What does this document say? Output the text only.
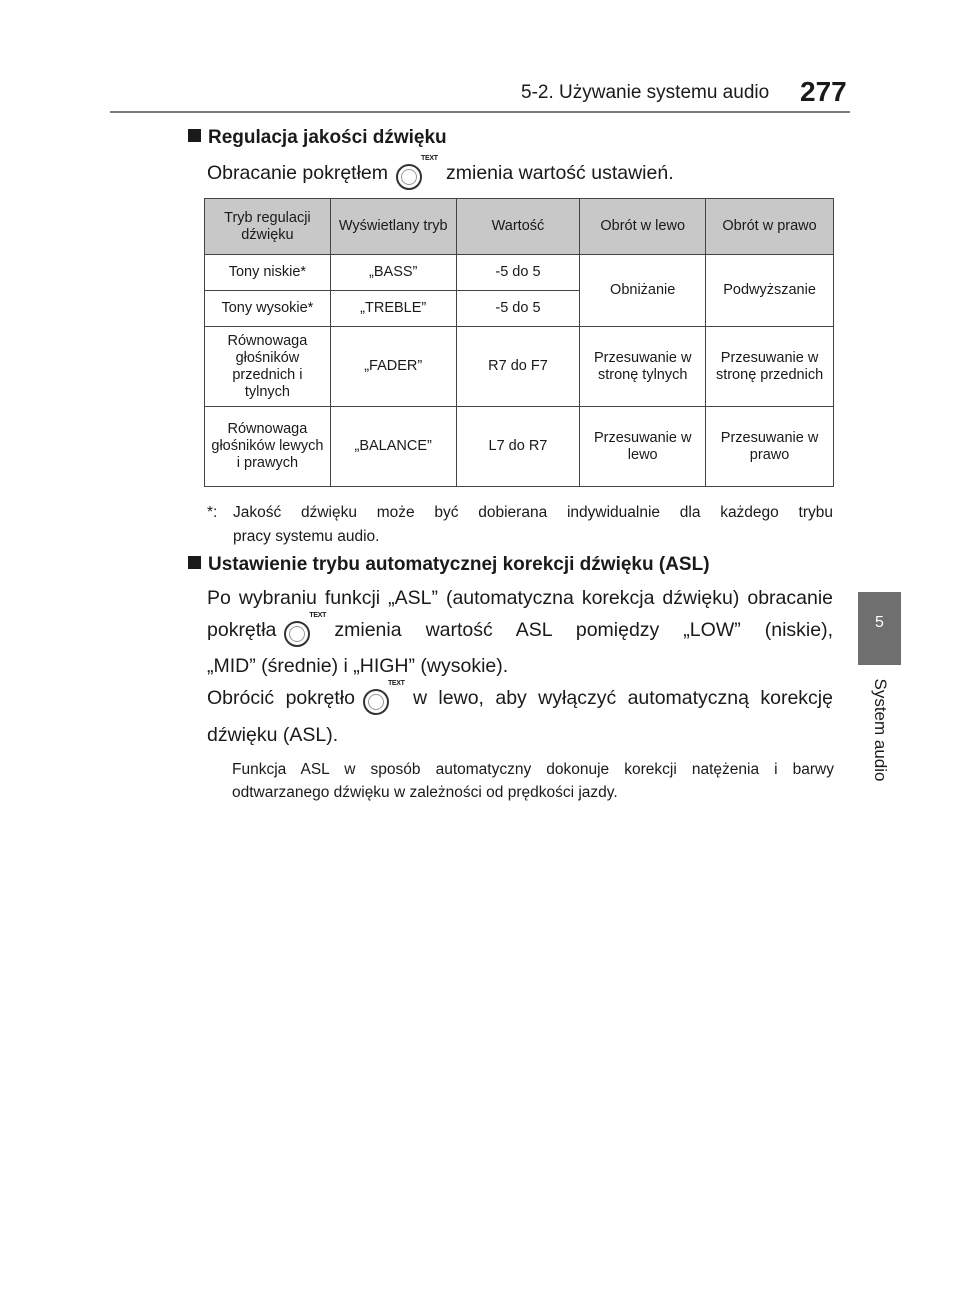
5-2. Używanie systemu audio 277
5
System audio
Regulacja jakości dźwięku
Obracanie pokrętłem
TEXT
zmienia wartość ustawień.
Tryb regulacji dźwięku	Wyświetlany tryb	Wartość	Obrót w lewo	Obrót w prawo
Tony niskie*	„BASS”	-5 do 5	Obniżanie	Podwyższanie
Tony wysokie*	„TREBLE”	-5 do 5		
Równowaga głośników przednich i tylnych	„FADER”	R7 do F7	Przesuwanie w stronę tylnych	Przesuwanie w stronę przednich
Równowaga głośników lewych i prawych	„BALANCE”	L7 do R7	Przesuwanie w lewo	Przesuwanie w prawo
*:	Jakość dźwięku może być dobierana indywidualnie dla każdego trybu
pracy systemu audio.
Ustawienie trybu automatycznej korekcji dźwięku (ASL)
Po wybraniu funkcji „ASL” (automatyczna korekcja dźwięku) obracanie
pokrętła
TEXT
zmienia wartość ASL pomiędzy „LOW” (niskie),
„MID” (średnie) i „HIGH” (wysokie).
Obrócić pokrętło
TEXT
w lewo, aby wyłączyć automatyczną korekcję
dźwięku (ASL).
Funkcja ASL w sposób automatyczny dokonuje korekcji natężenia i barwy
odtwarzanego dźwięku w zależności od prędkości jazdy.
